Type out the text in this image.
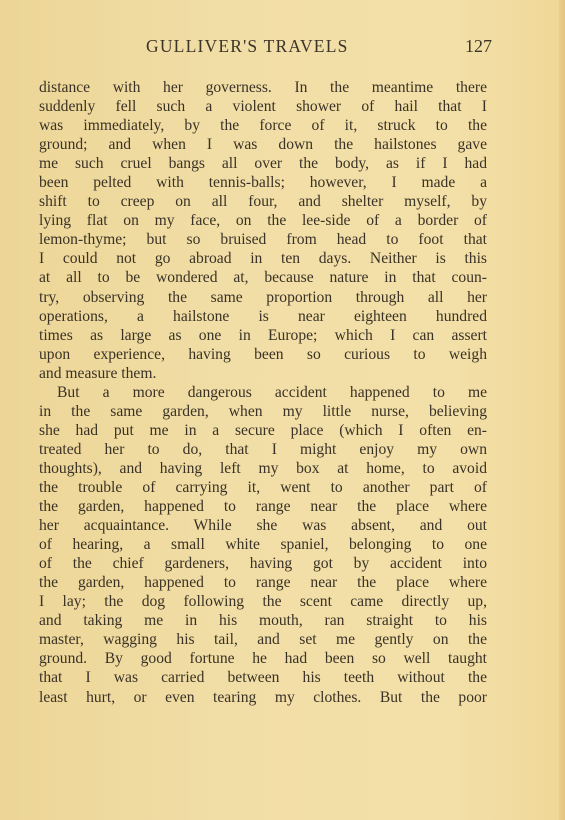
GULLIVER'S TRAVELS	127
distance with her governess. In the meantime there
suddenly fell such a violent shower of hail that I
was immediately, by the force of it, struck to the
ground; and when I was down the hailstones gave
me such cruel bangs all over the body, as if I had
been pelted with tennis-balls; however, I made a
shift to creep on all four, and shelter myself, by
lying flat on my face, on the lee-side of a border of
lemon-thyme; but so bruised from head to foot that
I could not go abroad in ten days. Neither is this
at all to be wondered at, because nature in that coun-
try, observing the same proportion through all her
operations, a hailstone is near eighteen hundred
times as large as one in Europe; which I can assert
upon experience, having been so curious to weigh
and measure them.
But a more dangerous accident happened to me
in the same garden, when my little nurse, believing
she had put me in a secure place (which I often en-
treated her to do, that I might enjoy my own
thoughts), and having left my box at home, to avoid
the trouble of carrying it, went to another part of
the garden, happened to range near the place where
her acquaintance. While she was absent, and out
of hearing, a small white spaniel, belonging to one
of the chief gardeners, having got by accident into
the garden, happened to range near the place where
I lay; the dog following the scent came directly up,
and taking me in his mouth, ran straight to his
master, wagging his tail, and set me gently on the
ground. By good fortune he had been so well taught
that I was carried between his teeth without the
least hurt, or even tearing my clothes. But the poor
